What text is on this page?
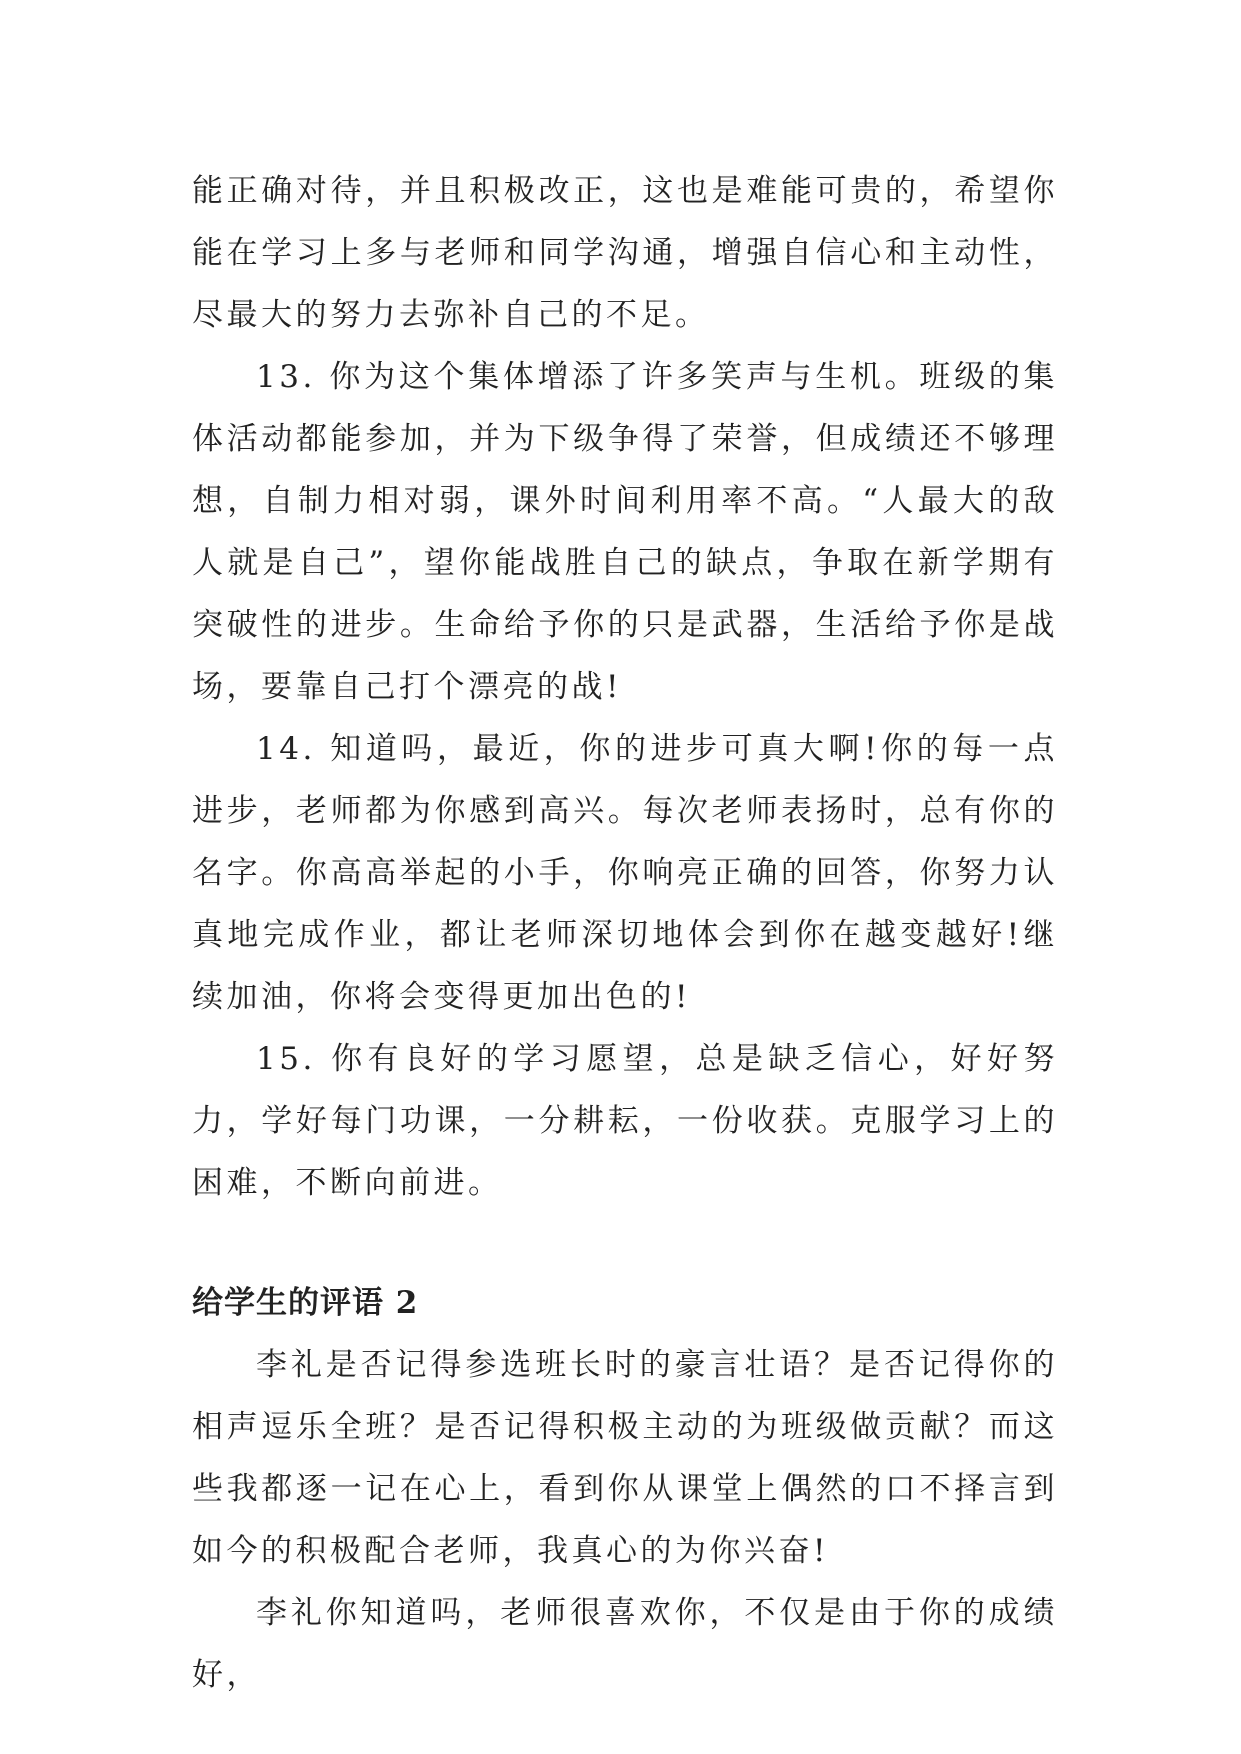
能正确对待，并且积极改正，这也是难能可贵的，希望你能在学习上多与老师和同学沟通，增强自信心和主动性，尽最大的努力去弥补自己的不足。

13. 你为这个集体增添了许多笑声与生机。班级的集体活动都能参加，并为下级争得了荣誉，但成绩还不够理想，自制力相对弱，课外时间利用率不高。“人最大的敌人就是自己”，望你能战胜自己的缺点，争取在新学期有突破性的进步。生命给予你的只是武器，生活给予你是战场，要靠自己打个漂亮的战!

14. 知道吗，最近，你的进步可真大啊!你的每一点进步，老师都为你感到高兴。每次老师表扬时，总有你的名字。你高高举起的小手，你响亮正确的回答，你努力认真地完成作业，都让老师深切地体会到你在越变越好!继续加油，你将会变得更加出色的!

15. 你有良好的学习愿望，总是缺乏信心，好好努力，学好每门功课，一分耕耘，一份收获。克服学习上的困难，不断向前进。

给学生的评语 2

李礼是否记得参选班长时的豪言壮语？是否记得你的相声逗乐全班？是否记得积极主动的为班级做贡献？而这些我都逐一记在心上，看到你从课堂上偶然的口不择言到如今的积极配合老师，我真心的为你兴奋!

李礼你知道吗，老师很喜欢你，不仅是由于你的成绩好，
